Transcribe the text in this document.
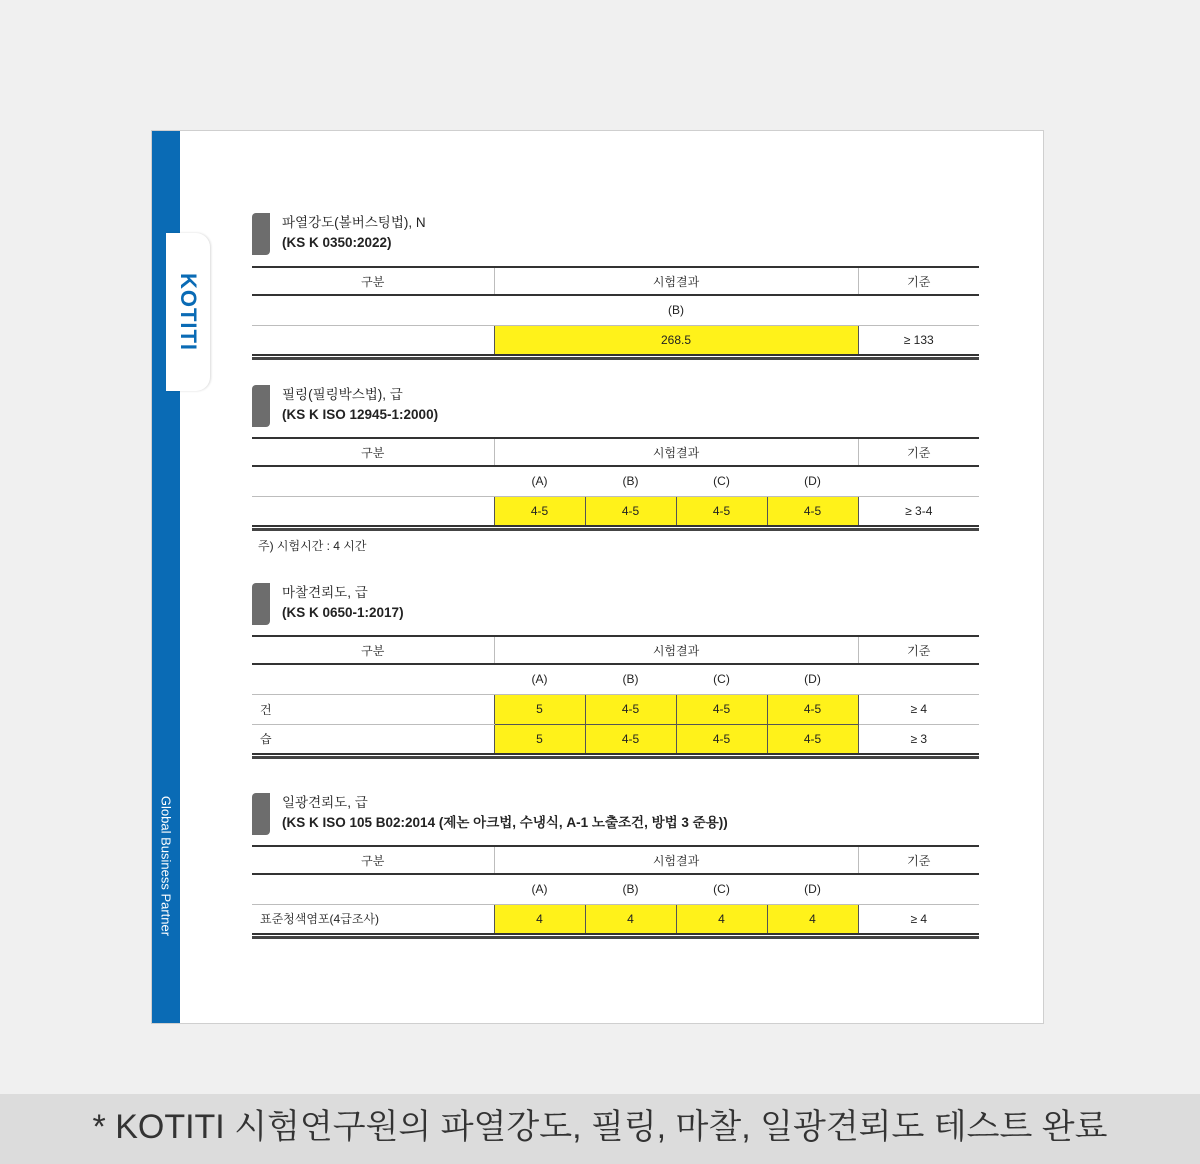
KOTITI
Global Business Partner
파열강도(볼버스팅법), N
(KS K 0350:2022)
구분	시험결과	기준
	(B)	
	268.5	≥ 133
필링(필링박스법), 급
(KS K ISO 12945-1:2000)
구분	시험결과				기준
	(A)	(B)	(C)	(D)	
	4-5	4-5	4-5	4-5	≥ 3-4
주) 시험시간 : 4 시간
마찰견뢰도, 급
(KS K 0650-1:2017)
구분	시험결과				기준
	(A)	(B)	(C)	(D)	
건	5	4-5	4-5	4-5	≥ 4
습	5	4-5	4-5	4-5	≥ 3
일광견뢰도, 급
(KS K ISO 105 B02:2014 (제논 아크법, 수냉식, A-1 노출조건, 방법 3 준용))
구분	시험결과				기준
	(A)	(B)	(C)	(D)	
표준청색염포(4급조사)	4	4	4	4	≥ 4
* KOTITI 시험연구원의 파열강도, 필링, 마찰, 일광견뢰도 테스트 완료
